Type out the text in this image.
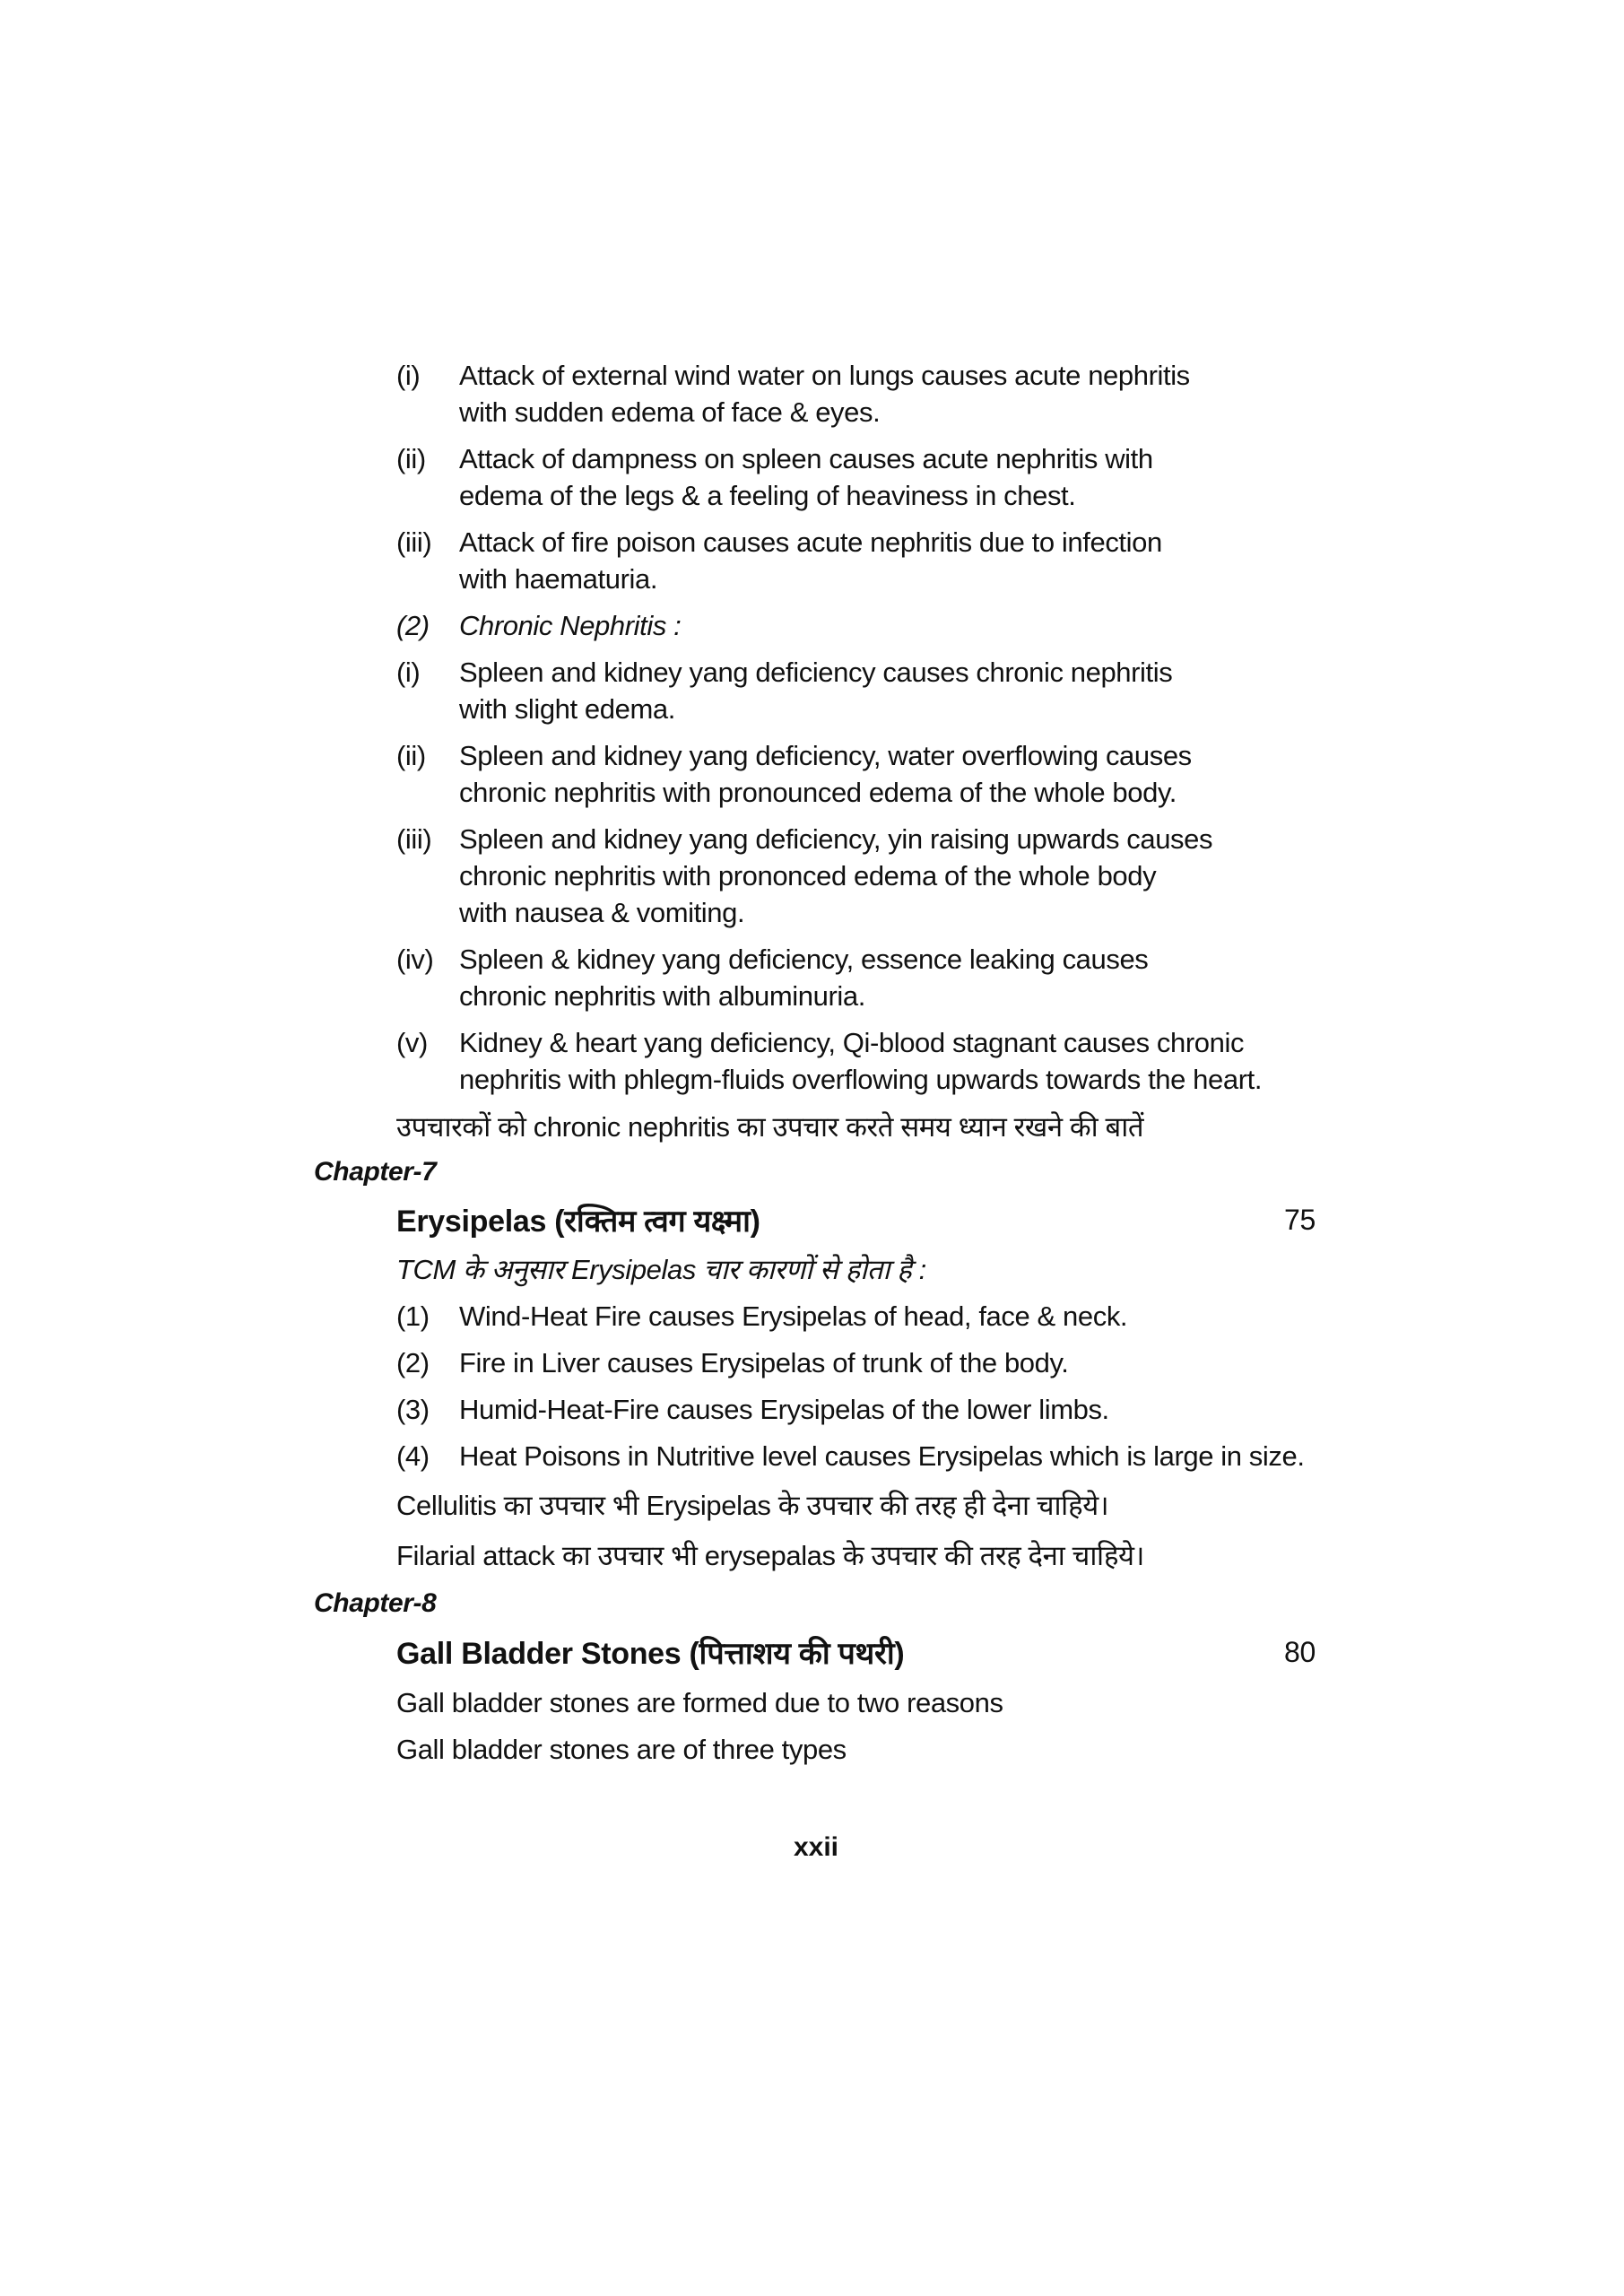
(i)	Attack of external wind water on lungs causes acute nephritis
with sudden edema of face & eyes.
(ii)	Attack of dampness on spleen causes acute nephritis with
edema of the legs & a feeling of heaviness in chest.
(iii) Attack of fire poison causes acute nephritis due to infection
with haematuria.
(2)	Chronic Nephritis :
(i)	Spleen and kidney yang deficiency causes chronic nephritis
with slight edema.
(ii)	Spleen and kidney yang deficiency, water overflowing causes
chronic nephritis with pronounced edema of the whole body.
(iii) Spleen and kidney yang deficiency, yin raising upwards causes
chronic nephritis with prononced edema of the whole body
with nausea & vomiting.
(iv) Spleen & kidney yang deficiency, essence leaking causes
chronic nephritis with albuminuria.
(v)	Kidney & heart yang deficiency, Qi-blood stagnant causes chronic
nephritis with phlegm-fluids overflowing upwards towards the heart.
उपचारकों को chronic nephritis का उपचार करते समय ध्यान रखने की बातें
Chapter-7
Erysipelas (रक्तिम त्वग यक्ष्मा)	75
TCM के अनुसार Erysipelas चार कारणों से होता है :
(1)	Wind-Heat Fire causes Erysipelas of head, face & neck.
(2)	Fire in Liver causes Erysipelas of trunk of the body.
(3)	Humid-Heat-Fire causes Erysipelas of the lower limbs.
(4)	Heat Poisons in Nutritive level causes Erysipelas which is large in size.
Cellulitis का उपचार भी Erysipelas के उपचार की तरह ही देना चाहिये।
Filarial attack का उपचार भी erysepalas के उपचार की तरह देना चाहिये।
Chapter-8
Gall Bladder Stones (पित्ताशय की पथरी)	80
Gall bladder stones are formed due to two reasons
Gall bladder stones are of three types
xxii
